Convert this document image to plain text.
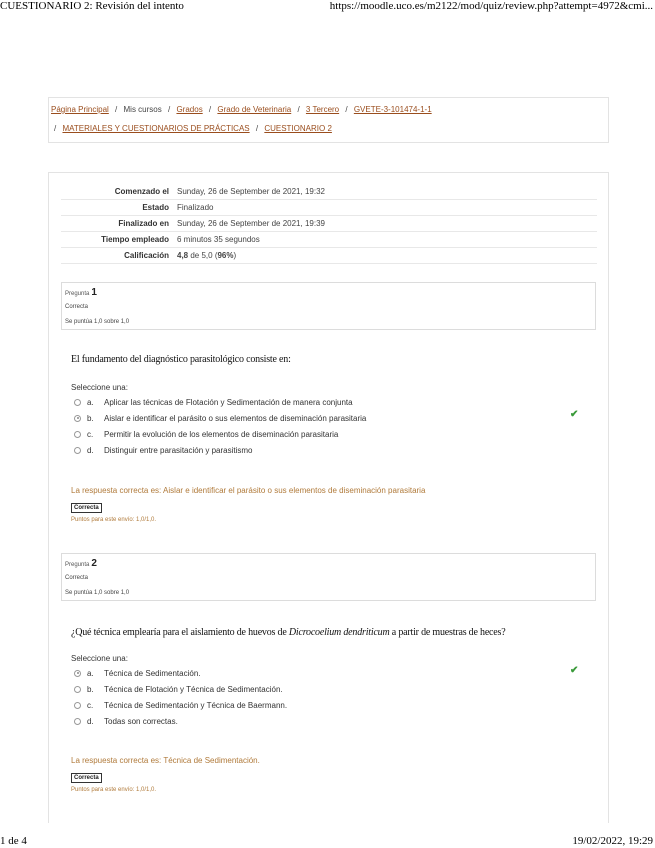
CUESTIONARIO 2: Revisión del intento	https://moodle.uco.es/m2122/mod/quiz/review.php?attempt=4972&cmi...
Página Principal / Mis cursos / Grados / Grado de Veterinaria / 3 Tercero / GVETE-3-101474-1-1
/ MATERIALES Y CUESTIONARIOS DE PRÁCTICAS / CUESTIONARIO 2
Comenzado el	Sunday, 26 de September de 2021, 19:32
Estado	Finalizado
Finalizado en	Sunday, 26 de September de 2021, 19:39
Tiempo empleado	6 minutos 35 segundos
Calificación	4,8 de 5,0 (96%)
Pregunta 1
Correcta
Se puntúa 1,0 sobre 1,0
El fundamento del diagnóstico parasitológico consiste en:
Seleccione una:
a.	Aplicar las técnicas de Flotación y Sedimentación de manera conjunta
b.	Aislar e identificar el parásito o sus elementos de diseminación parasitaria
c.	Permitir la evolución de los elementos de diseminación parasitaria
d.	Distinguir entre parasitación y parasitismo
✔
La respuesta correcta es: Aislar e identificar el parásito o sus elementos de diseminación parasitaria
Correcta
Puntos para este envío: 1,0/1,0.
Pregunta 2
Correcta
Se puntúa 1,0 sobre 1,0
¿Qué técnica emplearía para el aislamiento de huevos de Dicrocoelium dendriticum a partir de muestras de heces?
Seleccione una:
a.	Técnica de Sedimentación.
b.	Técnica de Flotación y Técnica de Sedimentación.
c.	Técnica de Sedimentación y Técnica de Baermann.
d.	Todas son correctas.
✔
La respuesta correcta es: Técnica de Sedimentación.
Correcta
Puntos para este envío: 1,0/1,0.
1 de 4	19/02/2022, 19:29
